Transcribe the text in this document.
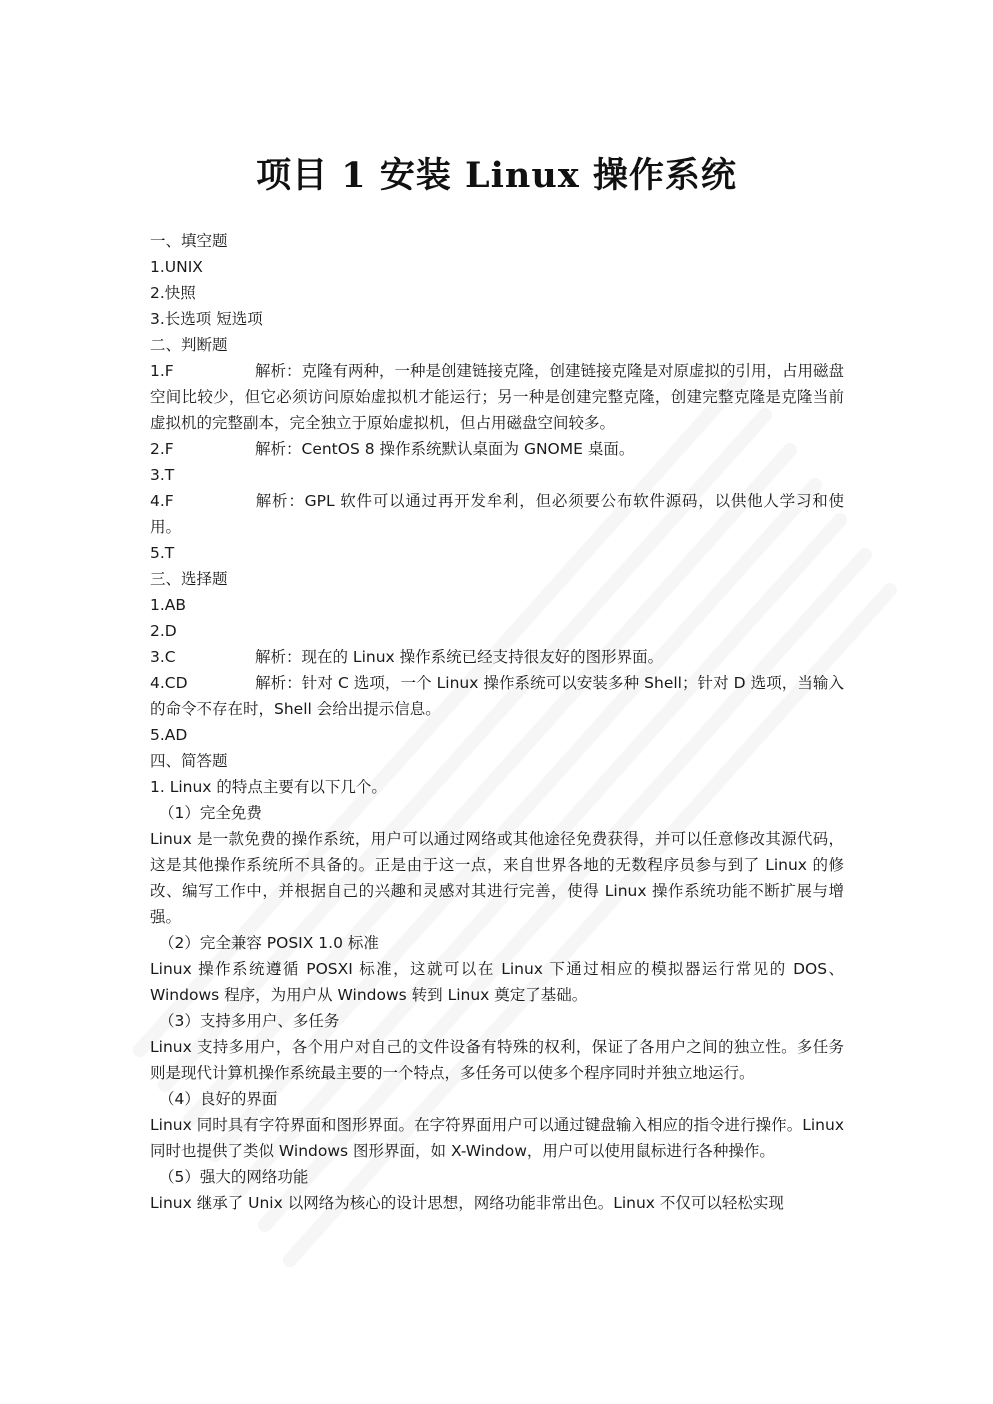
项目 1 安装 Linux 操作系统

一、填空题

1.UNIX

2.快照

3.长选项 短选项

二、判断题

1.F	解析：克隆有两种，一种是创建链接克隆，创建链接克隆是对原虚拟的引用，占用磁盘空间比较少，但它必须访问原始虚拟机才能运行；另一种是创建完整克隆，创建完整克隆是克隆当前虚拟机的完整副本，完全独立于原始虚拟机，但占用磁盘空间较多。

2.F	解析：CentOS 8 操作系统默认桌面为 GNOME 桌面。

3.T

4.F	解析：GPL 软件可以通过再开发牟利，但必须要公布软件源码，以供他人学习和使用。

5.T

三、选择题

1.AB

2.D

3.C	解析：现在的 Linux 操作系统已经支持很友好的图形界面。

4.CD	解析：针对 C 选项，一个 Linux 操作系统可以安装多种 Shell；针对 D 选项，当输入的命令不存在时，Shell 会给出提示信息。

5.AD

四、简答题

1. Linux 的特点主要有以下几个。

（1）完全免费

Linux 是一款免费的操作系统，用户可以通过网络或其他途径免费获得，并可以任意修改其源代码，这是其他操作系统所不具备的。正是由于这一点，来自世界各地的无数程序员参与到了 Linux 的修改、编写工作中，并根据自己的兴趣和灵感对其进行完善，使得 Linux 操作系统功能不断扩展与增强。

（2）完全兼容 POSIX 1.0 标准

Linux 操作系统遵循 POSXI 标准，这就可以在 Linux 下通过相应的模拟器运行常见的 DOS、Windows 程序，为用户从 Windows 转到 Linux 奠定了基础。

（3）支持多用户、多任务

Linux 支持多用户，各个用户对自己的文件设备有特殊的权利，保证了各用户之间的独立性。多任务则是现代计算机操作系统最主要的一个特点，多任务可以使多个程序同时并独立地运行。

（4）良好的界面

Linux 同时具有字符界面和图形界面。在字符界面用户可以通过键盘输入相应的指令进行操作。Linux 同时也提供了类似 Windows 图形界面，如 X-Window，用户可以使用鼠标进行各种操作。

（5）强大的网络功能

Linux 继承了 Unix 以网络为核心的设计思想，网络功能非常出色。Linux 不仅可以轻松实现
